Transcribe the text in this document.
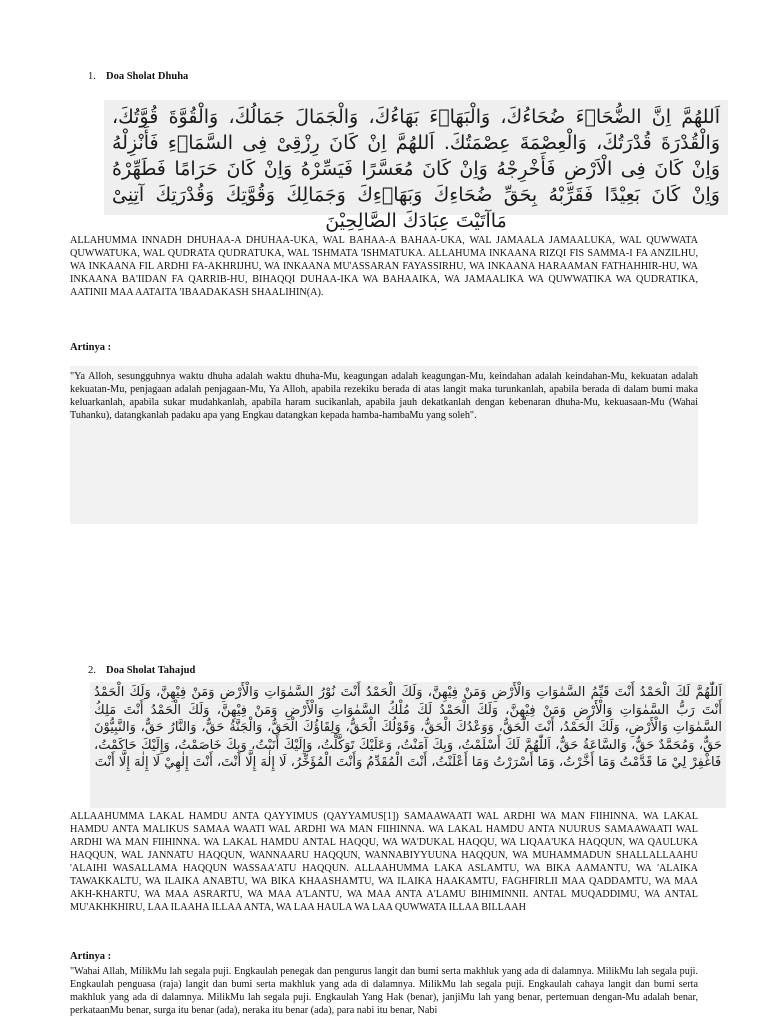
1. Doa Sholat Dhuha
اَللهُمَّ اِنَّ الضُّحَاۤءَ ضُحَاءُكَ، وَالْبَهَاۤءَ بَهَاءُكَ، وَالْجَمَالَ جَمَالُكَ، وَالْقُوَّةَ قُوَّتُكَ، وَالْقُدْرَةَ قُدْرَتُكَ، وَالْعِصْمَةَ عِصْمَتُكَ. اَللهُمَّ اِنْ كَانَ رِزْقِىْ فِى السَّمَاۤءِ فَأَنْزِلْهُ وَاِنْ كَانَ فِى الْاَرْضِ فَأَخْرِجْهُ وَاِنْ كَانَ مُعَسَّرًا فَيَسِّرْهُ وَاِنْ كَانَ حَرَامًا فَطَهِّرْهُ وَاِنْ كَانَ بَعِيْدًا فَقَرِّبْهُ بِحَقِّ ضُحَاءِكَ وَبَهَاۤءِكَ وَجَمَالِكَ وَقُوَّتِكَ وَقُدْرَتِكَ آتِنِىْ مَاآتَيْتَ عِبَادَكَ الصَّالِحِيْنَ

ALLAHUMMA INNADH DHUHAA-A DHUHAA-UKA, WAL BAHAA-A BAHAA-UKA, WAL JAMAALA JAMAALUKA, WAL QUWWATA QUWWATUKA, WAL QUDRATA QUDRATUKA, WAL 'ISHMATA 'ISHMATUKA. ALLAHUMA INKAANA RIZQI FIS SAMMA-I FA ANZILHU, WA INKAANA FIL ARDHI FA-AKHRIJHU, WA INKAANA MU'ASSARAN FAYASSIRHU, WA INKAANA HARAAMAN FATHAHHIR-HU, WA INKAANA BA'IIDAN FA QARRIB-HU, BIHAQQI DUHAA-IKA WA BAHAAIKA, WA JAMAALIKA WA QUWWATIKA WA QUDRATIKA, AATINII MAA AATAITA 'IBAADAKASH SHAALIHIN(A).

Artinya :

"Ya Alloh, sesungguhnya waktu dhuha adalah waktu dhuha-Mu, keagungan adalah keagungan-Mu, keindahan adalah keindahan-Mu, kekuatan adalah kekuatan-Mu, penjagaan adalah penjagaan-Mu, Ya Alloh, apabila rezekiku berada di atas langit maka turunkanlah, apabila berada di dalam bumi maka keluarkanlah, apabila sukar mudahkanlah, apabila haram sucikanlah, apabila jauh dekatkanlah dengan kebenaran dhuha-Mu, kekuasaan-Mu (Wahai Tuhanku), datangkanlah padaku apa yang Engkau datangkan kepada hamba-hambaMu yang soleh".

2. Doa Sholat Tahajud
اَللّٰهُمَّ لَكَ الْحَمْدُ أَنْتَ قَيِّمُ السَّمٰوَاتِ وَالْأَرْضِ وَمَنْ فِيْهِنَّ، وَلَكَ الْحَمْدُ أَنْتَ نُوْرُ السَّمٰوَاتِ وَالْأَرْضِ وَمَنْ فِيْهِنَّ، وَلَكَ الْحَمْدُ أَنْتَ رَبُّ السَّمٰوَاتِ وَالْأَرْضِ وَمَنْ فِيْهِنَّ، وَلَكَ الْحَمْدُ لَكَ مُلْكُ السَّمٰوَاتِ وَالْأَرْضِ وَمَنْ فِيْهِنَّ، وَلَكَ الْحَمْدُ أَنْتَ مَلِكُ السَّمٰوَاتِ وَالْأَرْضِ، وَلَكَ الْحَمْدُ، أَنْتَ الْحَقُّ، وَوَعْدُكَ الْحَقُّ، وَقَوْلُكَ الْحَقُّ، وَلِقَاؤُكَ الْحَقُّ، وَالْجَنَّةُ حَقٌّ، وَالنَّارُ حَقٌّ، وَالنَّبِيُّوْنَ حَقٌّ، وَمُحَمَّدٌ حَقٌّ، وَالسَّاعَةُ حَقٌّ، اَللّٰهُمَّ لَكَ أَسْلَمْتُ، وَبِكَ آمَنْتُ، وَعَلَيْكَ تَوَكَّلْتُ، وَإِلَيْكَ أَنَبْتُ، وَبِكَ خَاصَمْتُ، وَإِلَيْكَ حَاكَمْتُ، فَاغْفِرْ لِيْ مَا قَدَّمْتُ وَمَا أَخَّرْتُ، وَمَا أَسْرَرْتُ وَمَا أَعْلَنْتُ، أَنْتَ الْمُقَدِّمُ وَأَنْتَ الْمُؤَخِّرُ، لَا إِلٰهَ إِلَّا أَنْتَ، أَنْتَ إِلٰهِيْ لَا إِلٰهَ إِلَّا أَنْتَ

ALLAAHUMMA LAKAL HAMDU ANTA QAYYIMUS (QAYYAMUS[1]) SAMAAWAATI WAL ARDHI WA MAN FIIHINNA. WA LAKAL HAMDU ANTA MALIKUS SAMAA WAATI WAL ARDHI WA MAN FIIHINNA. WA LAKAL HAMDU ANTA NUURUS SAMAAWAATI WAL ARDHI WA MAN FIIHINNA. WA LAKAL HAMDU ANTAL HAQQU, WA WA'DUKAL HAQQU, WA LIQAA'UKA HAQQUN, WA QAULUKA HAQQUN, WAL JANNATU HAQQUN, WANNAARU HAQQUN, WANNABIYYUUNA HAQQUN, WA MUHAMMADUN SHALLALLAAHU 'ALAIHI WASALLAMA HAQQUN WASSAA'ATU HAQQUN. ALLAAHUMMA LAKA ASLAMTU, WA BIKA AAMANTU, WA 'ALAIKA TAWAKKALTU, WA ILAIKA ANABTU, WA BIKA KHAASHAMTU, WA ILAIKA HAAKAMTU, FAGHFIRLII MAA QADDAMTU, WA MAA AKH-KHARTU, WA MAA ASRARTU, WA MAA A'LANTU, WA MAA ANTA A'LAMU BIHIMINNII. ANTAL MUQADDIMU, WA ANTAL MU'AKHKHIRU, LAA ILAAHA ILLAA ANTA, WA LAA HAULA WA LAA QUWWATA ILLAA BILLAAH

Artinya :

"Wahai Allah, MilikMu lah segala puji. Engkaulah penegak dan pengurus langit dan bumi serta makhluk yang ada di dalamnya. MilikMu lah segala puji. Engkaulah penguasa (raja) langit dan bumi serta makhluk yang ada di dalamnya. MilikMu lah segala puji. Engkaulah cahaya langit dan bumi serta makhluk yang ada di dalamnya. MilikMu lah segala puji. Engkaulah Yang Hak (benar), janjiMu lah yang benar, pertemuan dengan-Mu adalah benar, perkataanMu benar, surga itu benar (ada), neraka itu benar (ada), para nabi itu benar, Nabi
